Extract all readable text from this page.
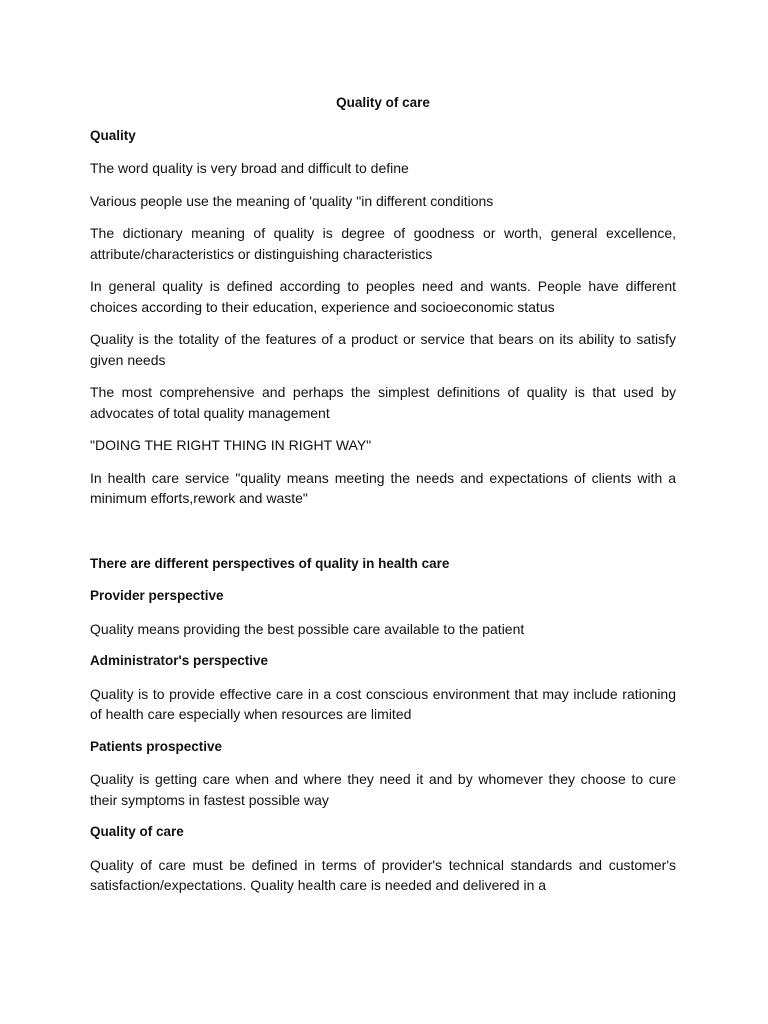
Quality of care
Quality
The word quality is very broad and difficult to define
Various people use the meaning of 'quality "in different conditions
The dictionary meaning of quality is degree of goodness or worth, general excellence, attribute/characteristics or distinguishing characteristics
In general quality is defined according to peoples need and wants. People have different choices according to their education, experience and socioeconomic status
Quality is the totality of the features of a product or service that bears on its ability to satisfy given needs
The most comprehensive and perhaps the simplest definitions of quality is that used by advocates of total quality management
"DOING THE RIGHT THING IN RIGHT WAY"
In health care service "quality means meeting the needs and expectations of clients with a minimum efforts,rework and waste"
There are different perspectives of quality in health care
Provider perspective
Quality means providing the best possible care available to the patient
Administrator's perspective
Quality is to provide effective care in a cost conscious environment that may include rationing of health care especially when resources are limited
Patients prospective
Quality is getting care when and where they need it and by whomever they choose to cure their symptoms in fastest possible way
Quality of care
Quality of care must be defined in terms of provider's technical standards and customer's satisfaction/expectations. Quality health care is needed and delivered in a
